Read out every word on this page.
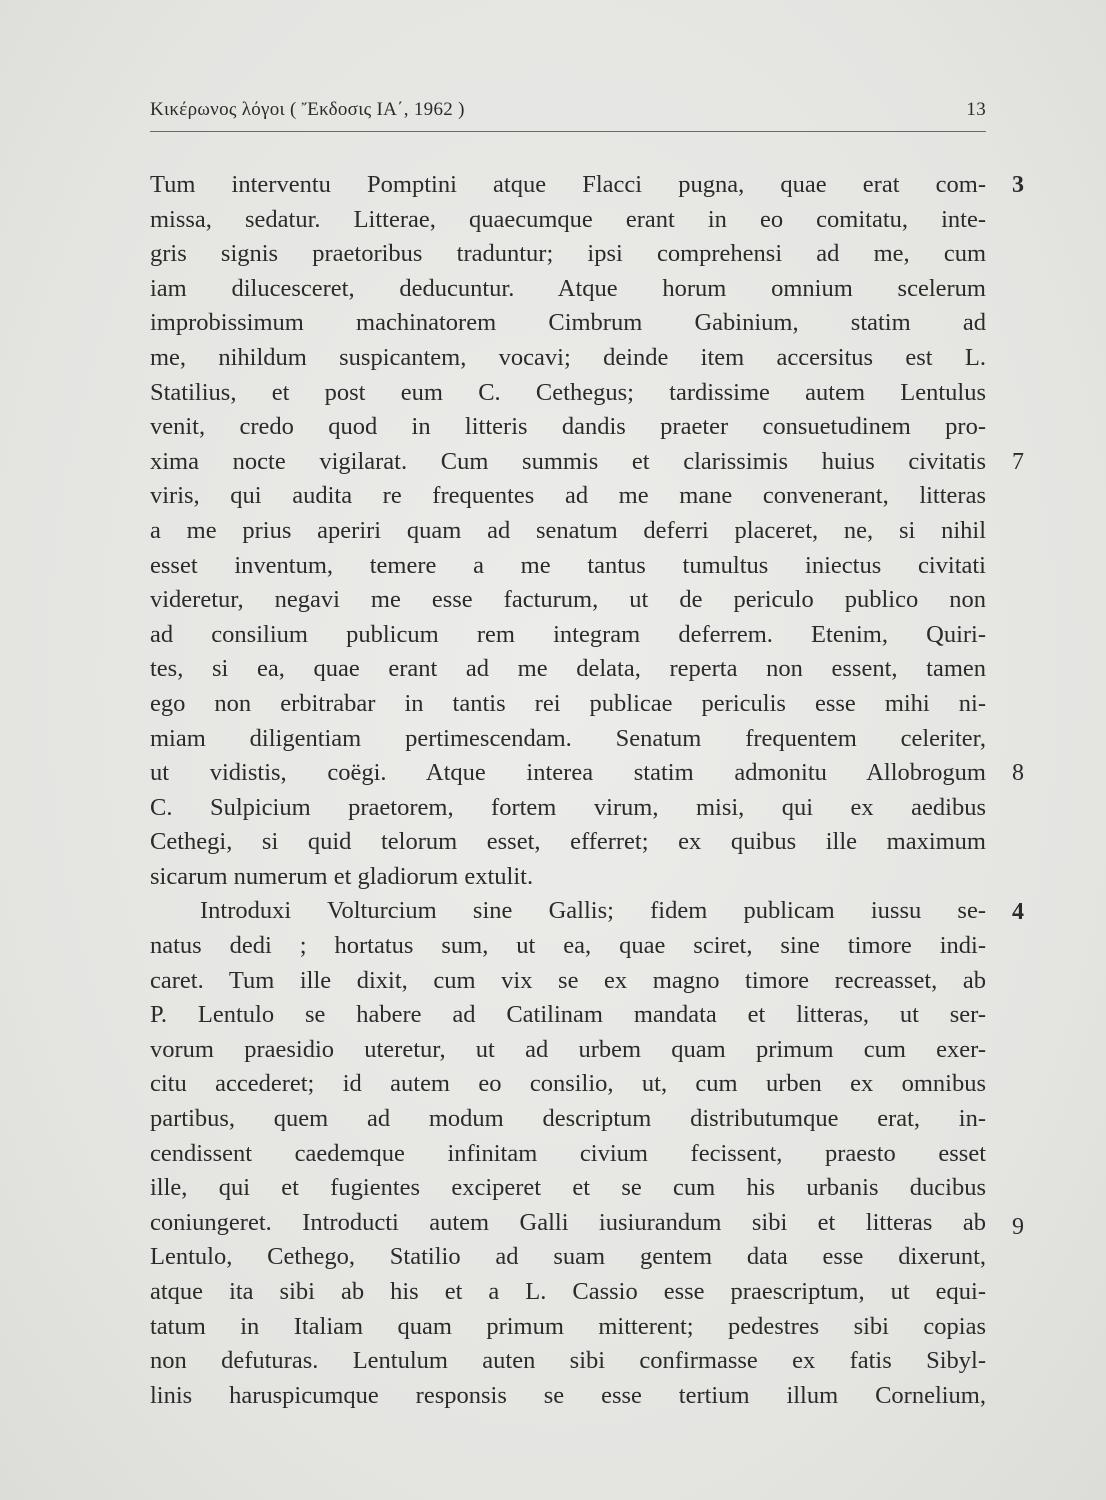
Κικέρωνος λόγοι ( Ἔκδοσις ΙΑ΄, 1962 )	13
Tum interventu Pomptini atque Flacci pugna, quae erat com-
missa, sedatur. Litterae, quaecumque erant in eo comitatu, inte-
gris signis praetoribus traduntur; ipsi comprehensi ad me, cum
iam dilucesceret, deducuntur. Atque horum omnium scelerum
improbissimum machinatorem Cimbrum Gabinium, statim ad
me, nihildum suspicantem, vocavi; deinde item accersitus est L.
Statilius, et post eum C. Cethegus; tardissime autem Lentulus
venit, credo quod in litteris dandis praeter consuetudinem pro-
xima nocte vigilarat. Cum summis et clarissimis huius civitatis
viris, qui audita re frequentes ad me mane convenerant, litteras
a me prius aperiri quam ad senatum deferri placeret, ne, si nihil
esset inventum, temere a me tantus tumultus iniectus civitati
videretur, negavi me esse facturum, ut de periculo publico non
ad consilium publicum rem integram deferrem. Etenim, Quiri-
tes, si ea, quae erant ad me delata, reperta non essent, tamen
ego non erbitrabar in tantis rei publicae periculis esse mihi ni-
miam diligentiam pertimescendam. Senatum frequentem celeriter,
ut vidistis, coëgi. Atque interea statim admonitu Allobrogum
C. Sulpicium praetorem, fortem virum, misi, qui ex aedibus
Cethegi, si quid telorum esset, efferret; ex quibus ille maximum
sicarum numerum et gladiorum extulit.
Introduxi Volturcium sine Gallis; fidem publicam iussu se-
natus dedi ; hortatus sum, ut ea, quae sciret, sine timore indi-
caret. Tum ille dixit, cum vix se ex magno timore recreasset, ab
P. Lentulo se habere ad Catilinam mandata et litteras, ut ser-
vorum praesidio uteretur, ut ad urbem quam primum cum exer-
citu accederet; id autem eo consilio, ut, cum urben ex omnibus
partibus, quem ad modum descriptum distributumque erat, in-
cendissent caedemque infinitam civium fecissent, praesto esset
ille, qui et fugientes exciperet et se cum his urbanis ducibus
coniungeret. Introducti autem Galli iusiurandum sibi et litteras ab
Lentulo, Cethego, Statilio ad suam gentem data esse dixerunt,
atque ita sibi ab his et a L. Cassio esse praescriptum, ut equi-
tatum in Italiam quam primum mitterent; pedestres sibi copias
non defuturas. Lentulum auten sibi confirmasse ex fatis Sibyl-
linis haruspicumque responsis se esse tertium illum Cornelium,
3
7
8
4
9
